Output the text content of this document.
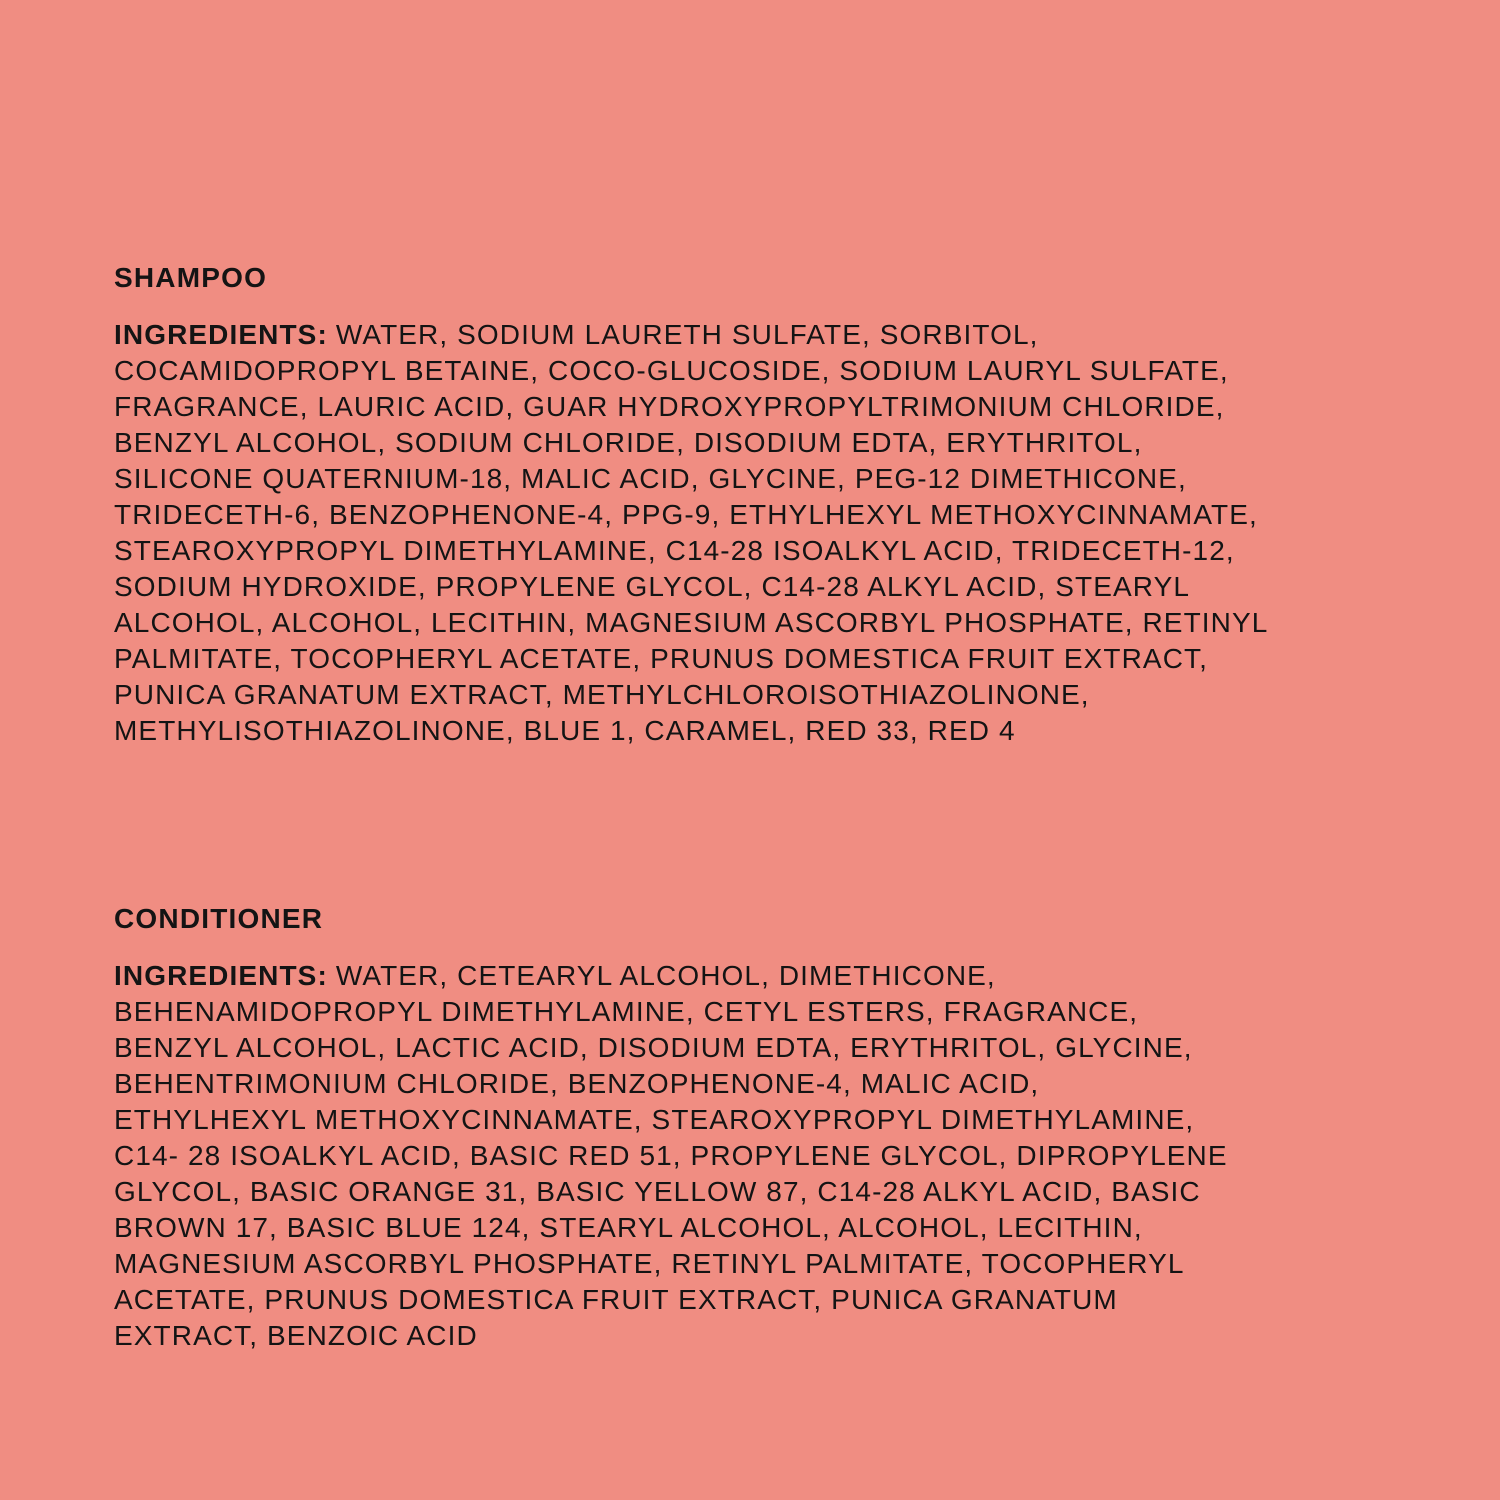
SHAMPOO
INGREDIENTS: WATER, SODIUM LAURETH SULFATE, SORBITOL,
COCAMIDOPROPYL BETAINE, COCO-GLUCOSIDE, SODIUM LAURYL SULFATE,
FRAGRANCE, LAURIC ACID, GUAR HYDROXYPROPYLTRIMONIUM CHLORIDE,
BENZYL ALCOHOL, SODIUM CHLORIDE, DISODIUM EDTA, ERYTHRITOL,
SILICONE QUATERNIUM-18, MALIC ACID, GLYCINE, PEG-12 DIMETHICONE,
TRIDECETH-6, BENZOPHENONE-4, PPG-9, ETHYLHEXYL METHOXYCINNAMATE,
STEAROXYPROPYL DIMETHYLAMINE, C14-28 ISOALKYL ACID, TRIDECETH-12,
SODIUM HYDROXIDE, PROPYLENE GLYCOL, C14-28 ALKYL ACID, STEARYL
ALCOHOL, ALCOHOL, LECITHIN, MAGNESIUM ASCORBYL PHOSPHATE, RETINYL
PALMITATE, TOCOPHERYL ACETATE, PRUNUS DOMESTICA FRUIT EXTRACT,
PUNICA GRANATUM EXTRACT, METHYLCHLOROISOTHIAZOLINONE,
METHYLISOTHIAZOLINONE, BLUE 1, CARAMEL, RED 33, RED 4
CONDITIONER
INGREDIENTS: WATER, CETEARYL ALCOHOL, DIMETHICONE,
BEHENAMIDOPROPYL DIMETHYLAMINE, CETYL ESTERS, FRAGRANCE,
BENZYL ALCOHOL, LACTIC ACID, DISODIUM EDTA, ERYTHRITOL, GLYCINE,
BEHENTRIMONIUM CHLORIDE, BENZOPHENONE-4, MALIC ACID,
ETHYLHEXYL METHOXYCINNAMATE, STEAROXYPROPYL DIMETHYLAMINE,
C14- 28 ISOALKYL ACID, BASIC RED 51, PROPYLENE GLYCOL, DIPROPYLENE
GLYCOL, BASIC ORANGE 31, BASIC YELLOW 87, C14-28 ALKYL ACID, BASIC
BROWN 17, BASIC BLUE 124, STEARYL ALCOHOL, ALCOHOL, LECITHIN,
MAGNESIUM ASCORBYL PHOSPHATE, RETINYL PALMITATE, TOCOPHERYL
ACETATE, PRUNUS DOMESTICA FRUIT EXTRACT, PUNICA GRANATUM
EXTRACT, BENZOIC ACID
